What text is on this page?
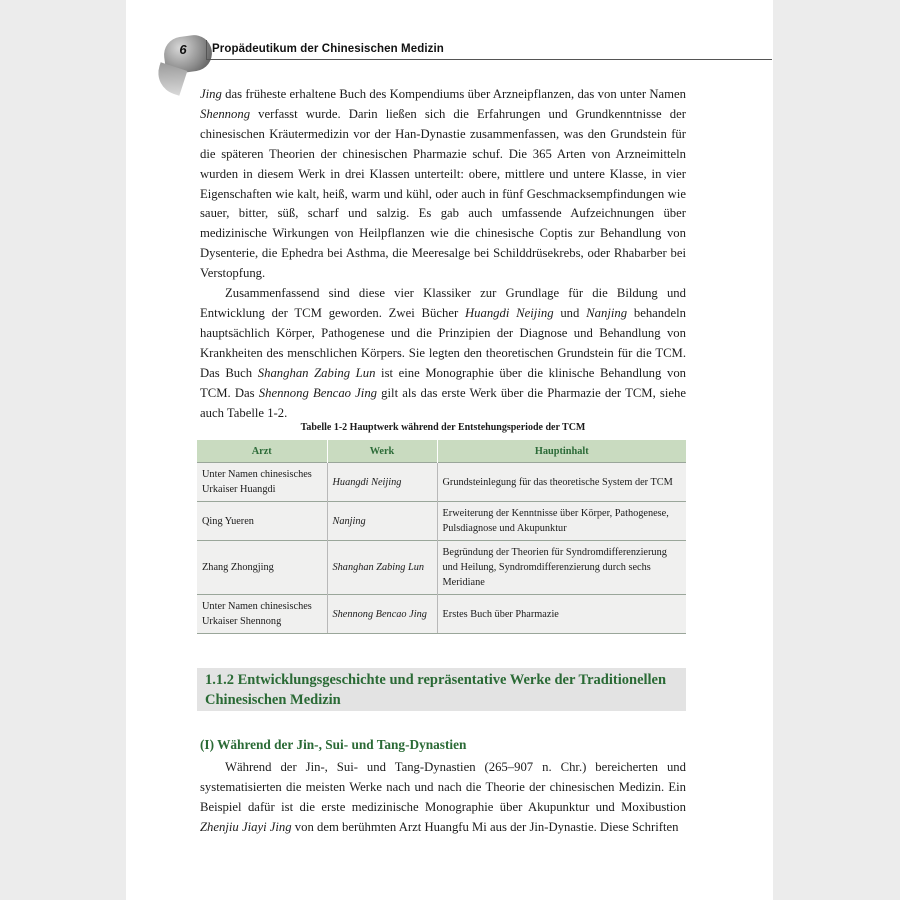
6	Propädeutikum der Chinesischen Medizin

Jing das früheste erhaltene Buch des Kompendiums über Arzneipflanzen, das von unter Namen Shennong verfasst wurde. Darin ließen sich die Erfahrungen und Grundkenntnisse der chinesischen Kräutermedizin vor der Han-Dynastie zusammenfassen, was den Grundstein für die späteren Theorien der chinesischen Pharmazie schuf. Die 365 Arten von Arzneimitteln wurden in diesem Werk in drei Klassen unterteilt: obere, mittlere und untere Klasse, in vier Eigenschaften wie kalt, heiß, warm und kühl, oder auch in fünf Geschmacksempfindungen wie sauer, bitter, süß, scharf und salzig. Es gab auch umfassende Aufzeichnungen über medizinische Wirkungen von Heilpflanzen wie die chinesische Coptis zur Behandlung von Dysenterie, die Ephedra bei Asthma, die Meeresalge bei Schilddrüsekrebs, oder Rhabarber bei Verstopfung.

Zusammenfassend sind diese vier Klassiker zur Grundlage für die Bildung und Entwicklung der TCM geworden. Zwei Bücher Huangdi Neijing und Nanjing behandeln hauptsächlich Körper, Pathogenese und die Prinzipien der Diagnose und Behandlung von Krankheiten des menschlichen Körpers. Sie legten den theoretischen Grundstein für die TCM. Das Buch Shanghan Zabing Lun ist eine Monographie über die klinische Behandlung von TCM. Das Shennong Bencao Jing gilt als das erste Werk über die Pharmazie der TCM, siehe auch Tabelle 1-2.

Tabelle 1-2 Hauptwerk während der Entstehungsperiode der TCM
Arzt	Werk	Hauptinhalt
Unter Namen chinesisches Urkaiser Huangdi	Huangdi Neijing	Grundsteinlegung für das theoretische System der TCM
Qing Yueren	Nanjing	Erweiterung der Kenntnisse über Körper, Pathogenese, Pulsdiagnose und Akupunktur
Zhang Zhongjing	Shanghan Zabing Lun	Begründung der Theorien für Syndromdifferenzierung und Heilung, Syndromdifferenzierung durch sechs Meridiane
Unter Namen chinesisches Urkaiser Shennong	Shennong Bencao Jing	Erstes Buch über Pharmazie
1.1.2 Entwicklungsgeschichte und repräsentative Werke der Traditionellen Chinesischen Medizin
(I) Während der Jin-, Sui- und Tang-Dynastien

Während der Jin-, Sui- und Tang-Dynastien (265–907 n. Chr.) bereicherten und systematisierten die meisten Werke nach und nach die Theorie der chinesischen Medizin. Ein Beispiel dafür ist die erste medizinische Monographie über Akupunktur und Moxibustion Zhenjiu Jiayi Jing von dem berühmten Arzt Huangfu Mi aus der Jin-Dynastie. Diese Schriften
